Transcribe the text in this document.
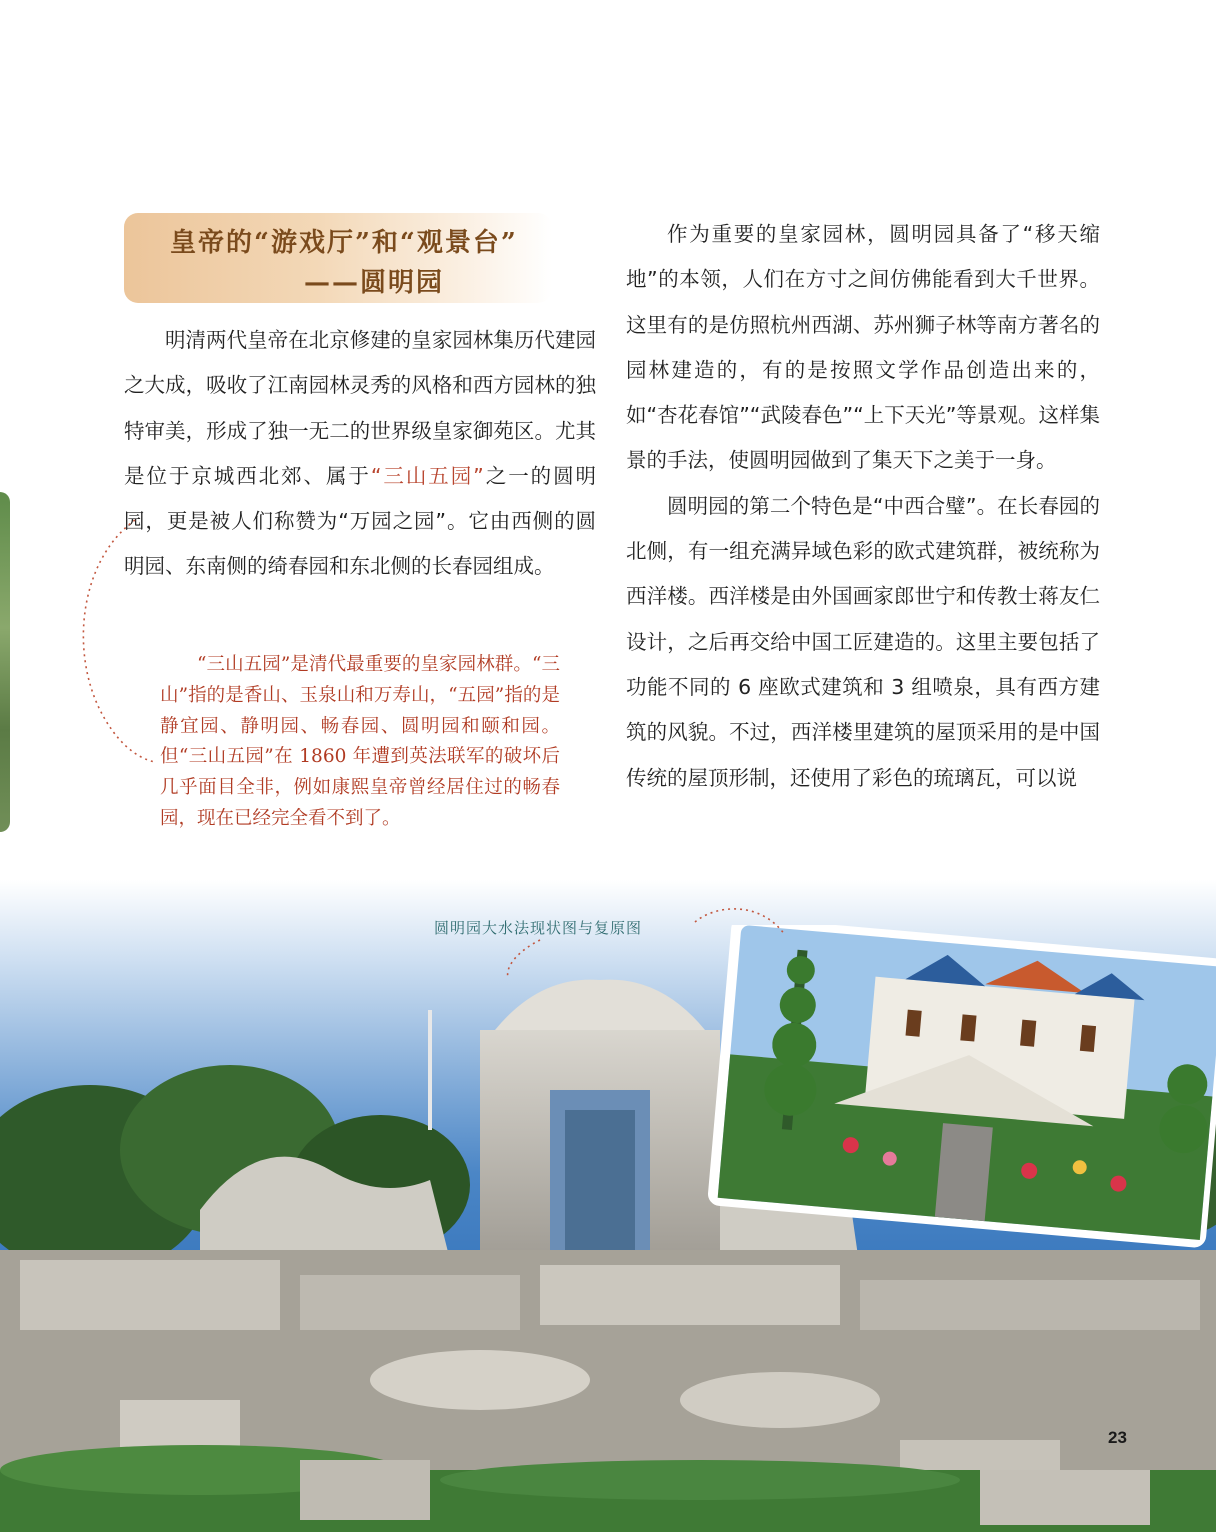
皇帝的“游戏厅”和“观景台”
——圆明园

明清两代皇帝在北京修建的皇家园林集历代建园之大成，吸收了江南园林灵秀的风格和西方园林的独特审美，形成了独一无二的世界级皇家御苑区。尤其是位于京城西北郊、属于“三山五园”之一的圆明园，更是被人们称赞为“万园之园”。它由西侧的圆明园、东南侧的绮春园和东北侧的长春园组成。

“三山五园”是清代最重要的皇家园林群。“三山”指的是香山、玉泉山和万寿山，“五园”指的是静宜园、静明园、畅春园、圆明园和颐和园。但“三山五园”在 1860 年遭到英法联军的破坏后几乎面目全非，例如康熙皇帝曾经居住过的畅春园，现在已经完全看不到了。

作为重要的皇家园林，圆明园具备了“移天缩地”的本领，人们在方寸之间仿佛能看到大千世界。这里有的是仿照杭州西湖、苏州狮子林等南方著名的园林建造的，有的是按照文学作品创造出来的，如“杏花春馆”“武陵春色”“上下天光”等景观。这样集景的手法，使圆明园做到了集天下之美于一身。

圆明园的第二个特色是“中西合璧”。在长春园的北侧，有一组充满异域色彩的欧式建筑群，被统称为西洋楼。西洋楼是由外国画家郎世宁和传教士蒋友仁设计，之后再交给中国工匠建造的。这里主要包括了功能不同的 6 座欧式建筑和 3 组喷泉，具有西方建筑的风貌。不过，西洋楼里建筑的屋顶采用的是中国传统的屋顶形制，还使用了彩色的琉璃瓦，可以说

圆明园大水法现状图与复原图
23
